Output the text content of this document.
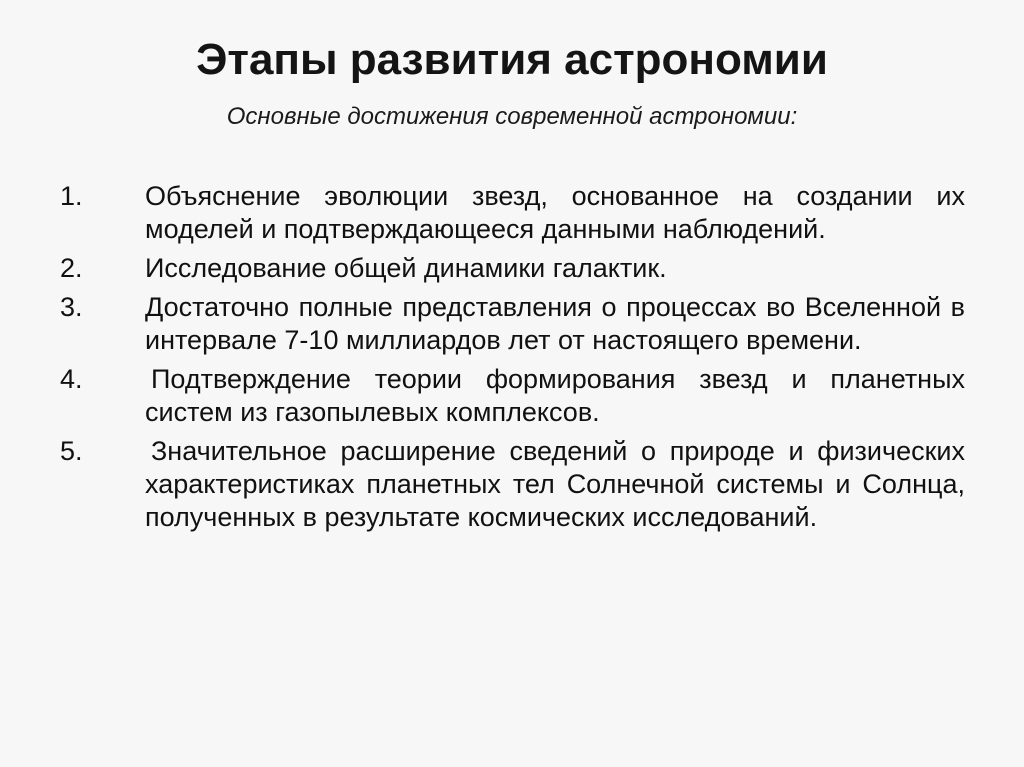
Этапы развития астрономии

Основные достижения современной астрономии:

1. Объяснение эволюции звезд, основанное на создании их моделей и подтверждающееся данными наблюдений.
2. Исследование общей динамики галактик.
3. Достаточно полные представления о процессах во Вселенной в интервале 7-10 миллиардов лет от настоящего времени.
4.	Подтверждение теории формирования звезд и планетных систем из газопылевых комплексов.
5.	Значительное расширение сведений о природе и физических характеристиках планетных тел Солнечной системы и Солнца, полученных в результате космических исследований.
